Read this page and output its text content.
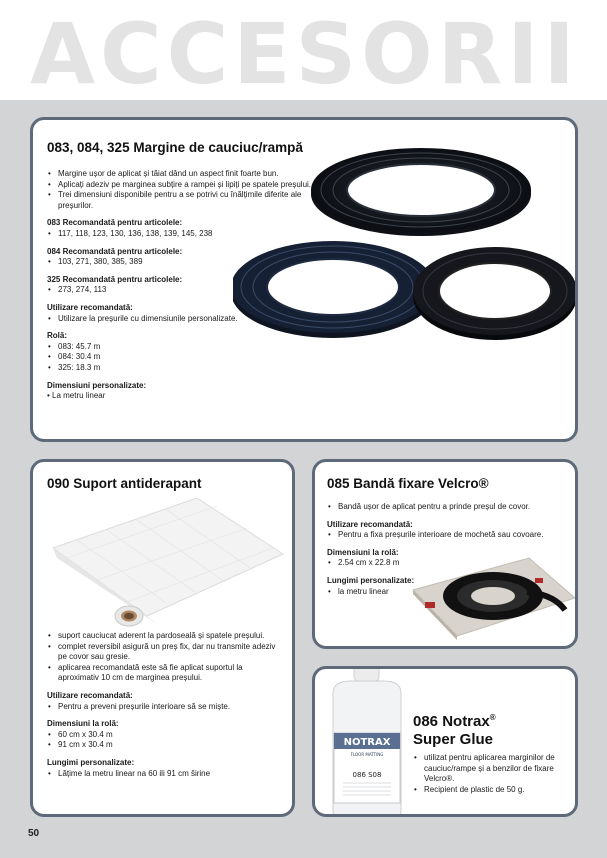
ACCESORII
083, 084, 325 Margine de cauciuc/rampă
• Margine ușor de aplicat și tăiat dând un aspect finit foarte bun.
• Aplicați adeziv pe marginea subțire a rampei și lipiți pe spatele preșului.
• Trei dimensiuni disponibile pentru a se potrivi cu înălțimile diferite ale preșurilor.
083 Recomandată pentru articolele:
• 117, 118, 123, 130, 136, 138, 139, 145, 238
084 Recomandată pentru articolele:
• 103, 271, 380, 385, 389
325 Recomandată pentru articolele:
• 273, 274, 113
Utilizare recomandată:
• Utilizare la preșurile cu dimensiunile personalizate.
Rolă:
• 083: 45.7 m
• 084: 30.4 m
• 325: 18.3 m
Dimensiuni personalizate:

• La metru linear

090 Suport antiderapant
• suport cauciucat aderent la pardoseală și spatele preșului.
• complet reversibil asigură un preș fix, dar nu transmite adeziv pe covor sau gresie.
• aplicarea recomandată este să fie aplicat suportul la aproximativ 10 cm de marginea preșului.
Utilizare recomandată:
• Pentru a preveni preșurile interioare să se miște.
Dimensiuni la rolă:
• 60 cm x 30.4 m
• 91 cm x 30.4 m
Lungimi personalizate:
• Lățime la metru linear na 60 ili 91 cm širine
085 Bandă fixare Velcro®
• Bandă ușor de aplicat pentru a prinde preșul de covor.
Utilizare recomandată:
• Pentru a fixa preșurile interioare de mochetă sau covoare.
Dimensiuni la rolă:
• 2.54 cm x 22.8 m
Lungimi personalizate:
• la metru linear
NOTRAX
FLOOR MATTING
086 S08
086 Notrax®
Super Glue
• utilizat pentru aplicarea marginilor de cauciuc/rampe și a benzilor de fixare Velcro®.
• Recipient de plastic de 50 g.
50
